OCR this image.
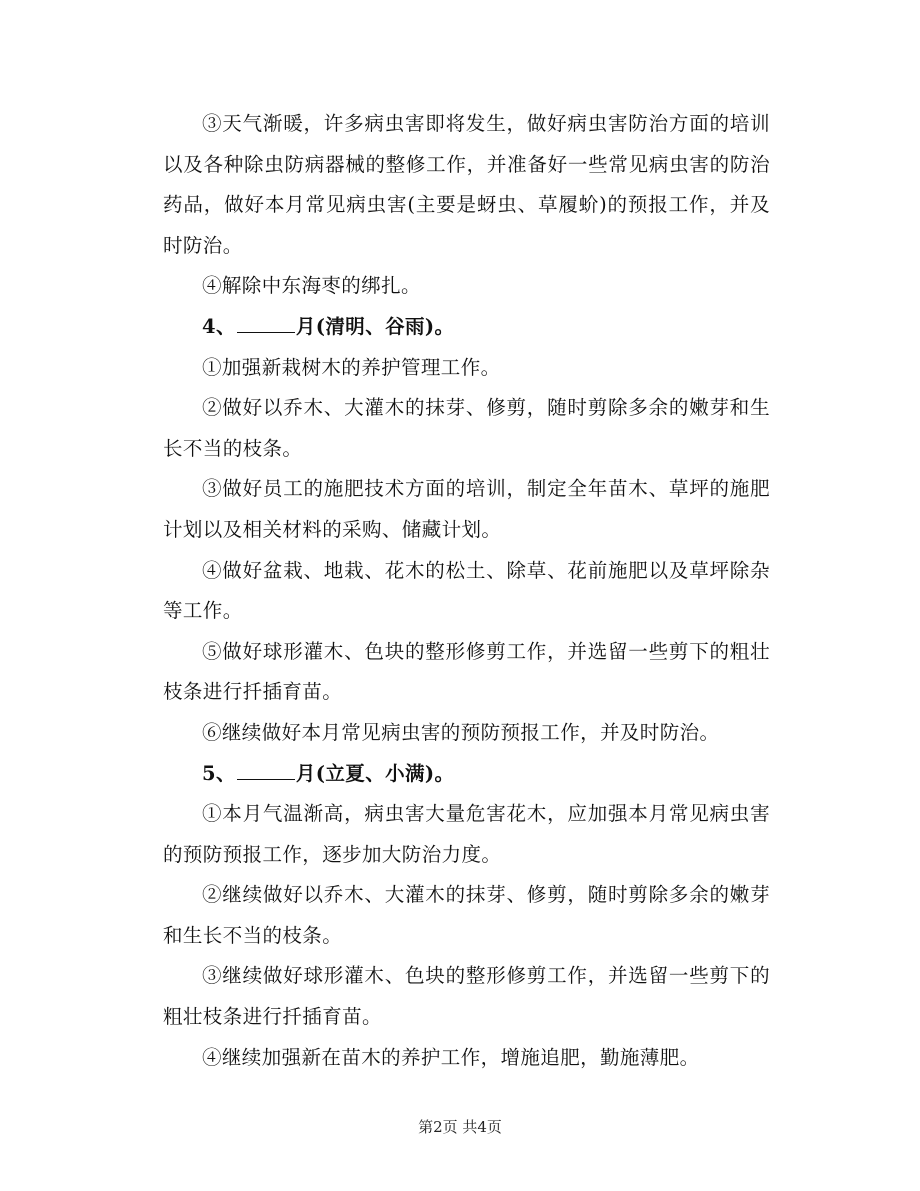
③天气渐暖，许多病虫害即将发生，做好病虫害防治方面的培训以及各种除虫防病器械的整修工作，并准备好一些常见病虫害的防治药品，做好本月常见病虫害(主要是蚜虫、草履蚧)的预报工作，并及时防治。

④解除中东海枣的绑扎。

4、	月(清明、谷雨)。

①加强新栽树木的养护管理工作。

②做好以乔木、大灌木的抹芽、修剪，随时剪除多余的嫩芽和生长不当的枝条。

③做好员工的施肥技术方面的培训，制定全年苗木、草坪的施肥计划以及相关材料的采购、储藏计划。

④做好盆栽、地栽、花木的松土、除草、花前施肥以及草坪除杂等工作。

⑤做好球形灌木、色块的整形修剪工作，并选留一些剪下的粗壮枝条进行扦插育苗。

⑥继续做好本月常见病虫害的预防预报工作，并及时防治。

5、	月(立夏、小满)。

①本月气温渐高，病虫害大量危害花木，应加强本月常见病虫害的预防预报工作，逐步加大防治力度。

②继续做好以乔木、大灌木的抹芽、修剪，随时剪除多余的嫩芽和生长不当的枝条。

③继续做好球形灌木、色块的整形修剪工作，并选留一些剪下的粗壮枝条进行扦插育苗。

④继续加强新在苗木的养护工作，增施追肥，勤施薄肥。

第2页 共4页
